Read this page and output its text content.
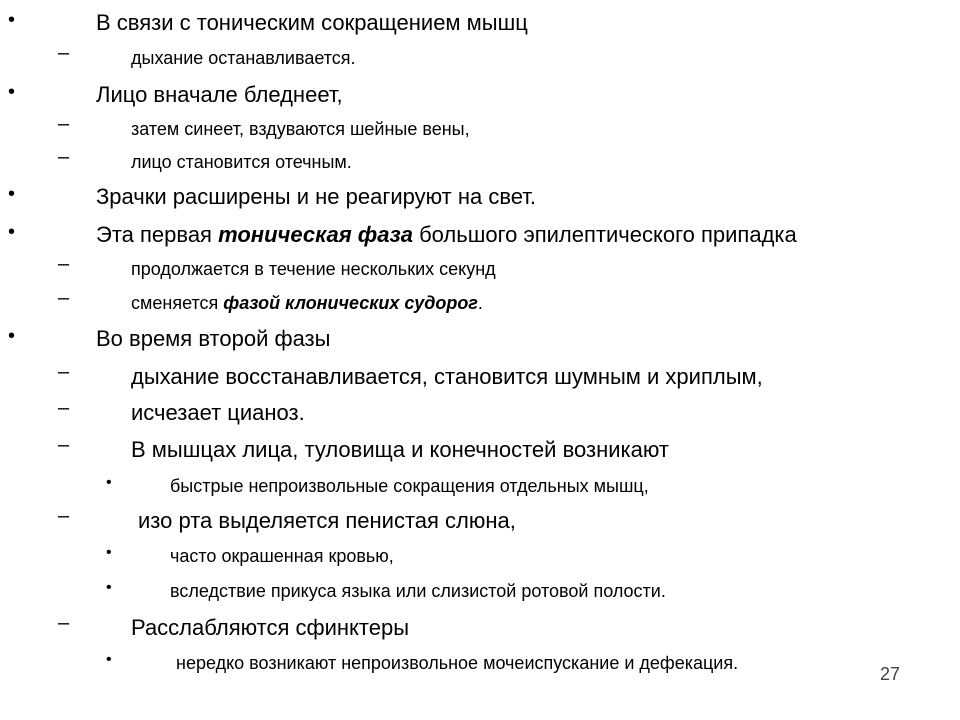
•	В связи с тоническим сокращением мышц
–	дыхание останавливается.
•	Лицо вначале бледнеет,
–	затем синеет, вздуваются шейные вены,
–	лицо становится отечным.
•	Зрачки расширены и не реагируют на свет.
•	Эта первая тоническая фаза большого эпилептического припадка
–	продолжается в течение нескольких секунд
–	сменяется фазой клонических судорог.
•	Во время второй фазы
–	дыхание восстанавливается, становится шумным и хриплым,
–	исчезает цианоз.
–	В мышцах лица, туловища и конечностей возникают
•	быстрые непроизвольные сокращения отдельных мышц,
–	изо рта выделяется пенистая слюна,
•	часто окрашенная кровью,
•	вследствие прикуса языка или слизистой ротовой полости.
–	Расслабляются сфинктеры
•	нередко возникают непроизвольное мочеиспускание и дефекация.
27
